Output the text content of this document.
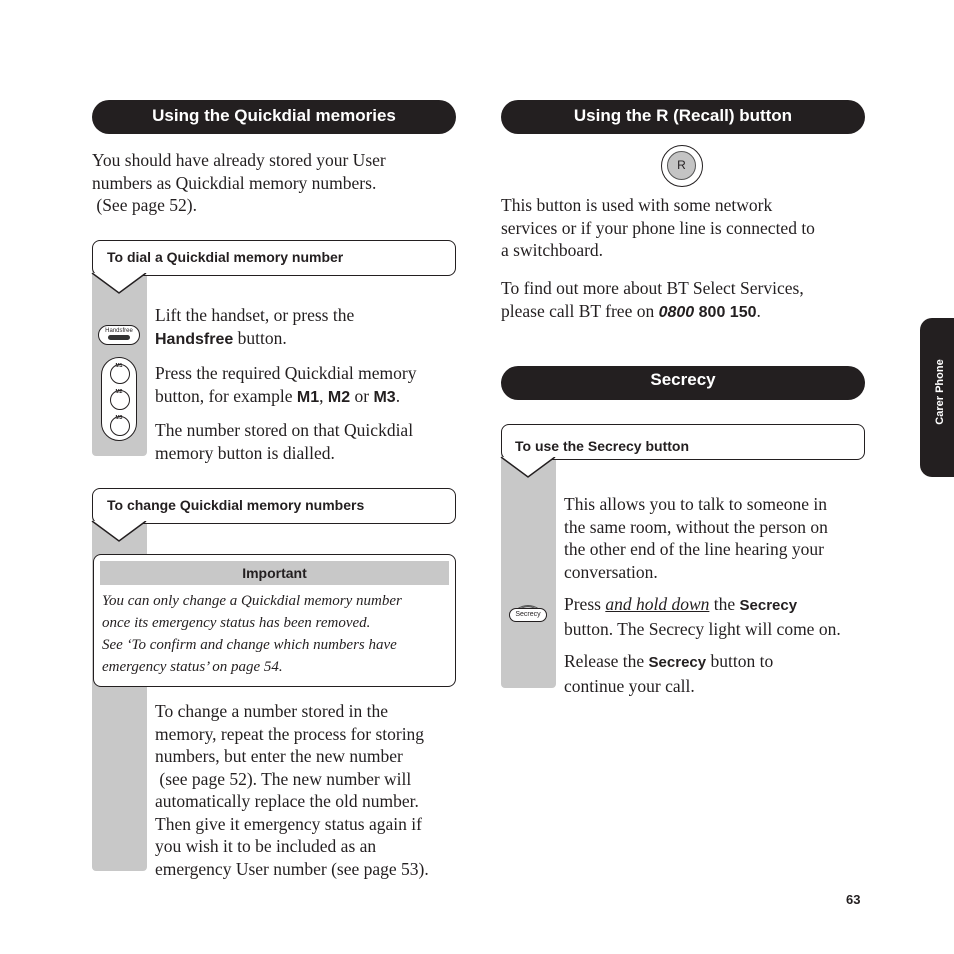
Using the Quickdial memories
You should have already stored your User
numbers as Quickdial memory numbers.
(See page 52).
To dial a Quickdial memory number
Handsfree
M1
M2
M3
Lift the handset, or press the
Handsfree button.
Press the required Quickdial memory
button, for example M1, M2 or M3.
The number stored on that Quickdial
memory button is dialled.
To change Quickdial memory numbers
Important
You can only change a Quickdial memory number
once its emergency status has been removed.
See ‘To confirm and change which numbers have
emergency status’ on page 54.
To change a number stored in the
memory, repeat the process for storing
numbers, but enter the new number
(see page 52). The new number will
automatically replace the old number.
Then give it emergency status again if
you wish it to be included as an
emergency User number (see page 53).
Using the R (Recall) button
R
This button is used with some network
services or if your phone line is connected to
a switchboard.
To find out more about BT Select Services,
please call BT free on 0800 800 150.
Secrecy
To use the Secrecy button
This allows you to talk to someone in
the same room, without the person on
the other end of the line hearing your
conversation.
Press and hold down the Secrecy
button. The Secrecy light will come on.
Release the Secrecy button to
continue your call.
Secrecy
Carer Phone
63
